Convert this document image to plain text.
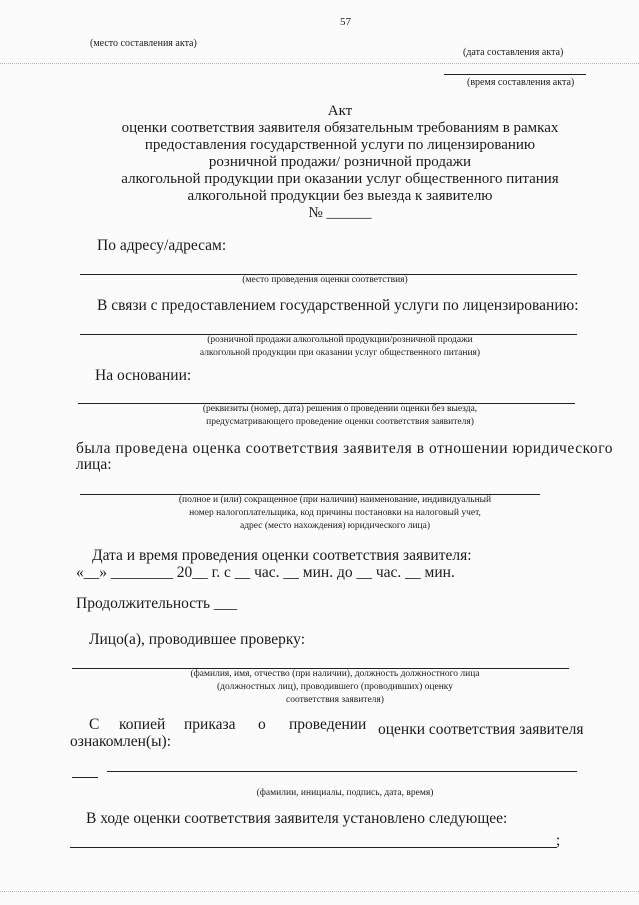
57
(место составления акта)
(дата составления акта)
(время составления акта)
Акт
оценки соответствия заявителя обязательным требованиям в рамках
предоставления государственной услуги по лицензированию
розничной продажи/ розничной продажи
алкогольной продукции при оказании услуг общественного питания
алкогольной продукции без выезда к заявителю
№ ______
По адресу/адресам:
(место проведения оценки соответствия)
В связи с предоставлением государственной услуги по лицензированию:
(розничной продажи алкогольной продукции/розничной продажи
алкогольной продукции при оказании услуг общественного питания)
На основании:
(реквизиты (номер, дата) решения о проведении оценки без выезда,
предусматривающего проведение оценки соответствия заявителя)
была проведена оценка соответствия заявителя в отношении юридического
лица:
(полное и (или) сокращенное (при наличии) наименование, индивидуальный
номер налогоплательщика, код причины постановки на налоговый учет,
адрес (место нахождения) юридического лица)
Дата и время проведения оценки соответствия заявителя:
«__» ________ 20__ г. с __ час. __ мин. до __ час. __ мин.
Продолжительность ___
Лицо(а), проводившее проверку:
(фамилия, имя, отчество (при наличии), должность должностного лица
(должностных лиц), проводившего (проводивших) оценку
соответствия заявителя)
С копией приказа о проведении оценки соответствия заявителя
ознакомлен(ы):
(фамилии, инициалы, подпись, дата, время)
В ходе оценки соответствия заявителя установлено следующее:
;
